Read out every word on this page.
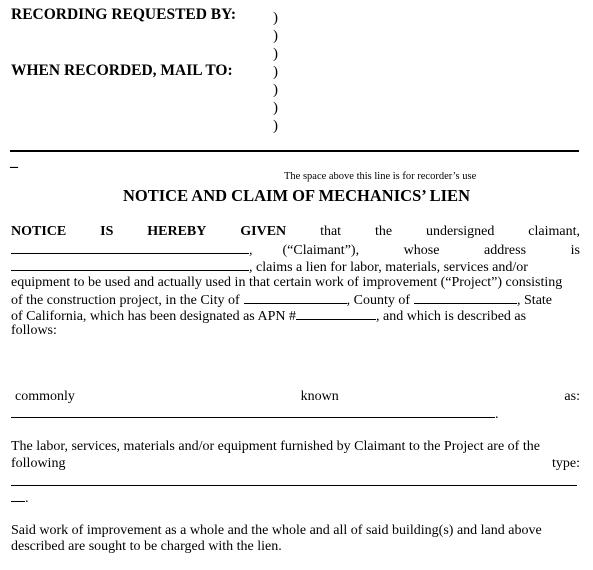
RECORDING REQUESTED BY:
WHEN RECORDED, MAIL TO:
)
)
)
)
)
)
)
–
The space above this line is for recorder’s use
NOTICE AND CLAIM OF MECHANICS’ LIEN
NOTICE IS HEREBY GIVEN that the undersigned claimant,
, (“Claimant”),	whose	address	is
, claims a lien for labor, materials, services and/or
equipment to be used and actually used in that certain work of improvement (“Project”) consisting
of the construction project, in the City of	, County of	, State
of California, which has been designated as APN #	, and which is described as
follows:
commonly	known	as:
.
The labor, services, materials and/or equipment furnished by Claimant to the Project are of the
following	type:
.
Said work of improvement as a whole and the whole and all of said building(s) and land above
described are sought to be charged with the lien.
